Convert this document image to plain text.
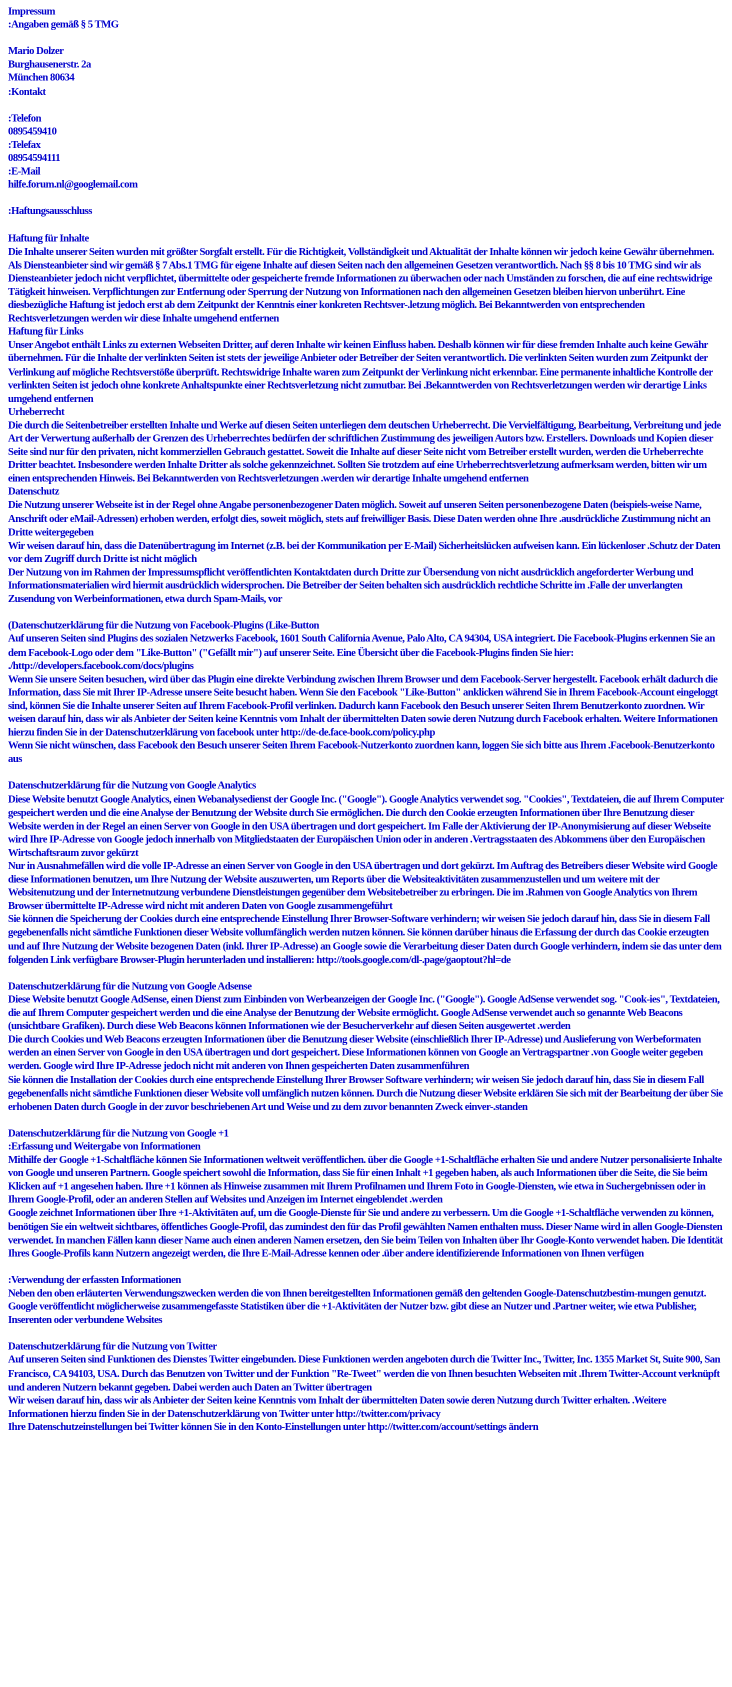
Impressum
:Angaben gemäß § 5 TMG
Mario Dolzer
Burghausenerstr. 2a
München 80634
:Kontakt
:Telefon
0895459410
:Telefax
08954594111
:E-Mail
hilfe.forum.nl@googlemail.com
:Haftungsausschluss
Haftung für Inhalte
Die Inhalte unserer Seiten wurden mit größter Sorgfalt erstellt. Für die Richtigkeit, Vollständigkeit und Aktualität der Inhalte können wir jedoch keine Gewähr übernehmen. Als Diensteanbieter sind wir gemäß § 7 Abs.1 TMG für eigene Inhalte auf diesen Seiten nach den allgemeinen Gesetzen verantwortlich. Nach §§ 8 bis 10 TMG sind wir als Diensteanbieter jedoch nicht verpflichtet, übermittelte oder gespeicherte fremde Informationen zu überwachen oder nach Umständen zu forschen, die auf eine rechtswidrige Tätigkeit hinweisen. Verpflichtungen zur Entfernung oder Sperrung der Nutzung von Informationen nach den allgemeinen Gesetzen bleiben hiervon unberührt. Eine diesbezügliche Haftung ist jedoch erst ab dem Zeitpunkt der Kenntnis einer konkreten Rechtsver-.letzung möglich. Bei Bekanntwerden von entsprechenden Rechtsverletzungen werden wir diese Inhalte umgehend entfernen
Haftung für Links
Unser Angebot enthält Links zu externen Webseiten Dritter, auf deren Inhalte wir keinen Einfluss haben. Deshalb können wir für diese fremden Inhalte auch keine Gewähr übernehmen. Für die Inhalte der verlinkten Seiten ist stets der jeweilige Anbieter oder Betreiber der Seiten verantwortlich. Die verlinkten Seiten wurden zum Zeitpunkt der Verlinkung auf mögliche Rechtsverstöße überprüft. Rechtswidrige Inhalte waren zum Zeitpunkt der Verlinkung nicht erkennbar. Eine permanente inhaltliche Kontrolle der verlinkten Seiten ist jedoch ohne konkrete Anhaltspunkte einer Rechtsverletzung nicht zumutbar. Bei .Bekanntwerden von Rechtsverletzungen werden wir derartige Links umgehend entfernen
Urheberrecht
Die durch die Seitenbetreiber erstellten Inhalte und Werke auf diesen Seiten unterliegen dem deutschen Urheberrecht. Die Vervielfältigung, Bearbeitung, Verbreitung und jede Art der Verwertung außerhalb der Grenzen des Urheberrechtes bedürfen der schriftlichen Zustimmung des jeweiligen Autors bzw. Erstellers. Downloads und Kopien dieser Seite sind nur für den privaten, nicht kommerziellen Gebrauch gestattet. Soweit die Inhalte auf dieser Seite nicht vom Betreiber erstellt wurden, werden die Urheberrechte Dritter beachtet. Insbesondere werden Inhalte Dritter als solche gekennzeichnet. Sollten Sie trotzdem auf eine Urheberrechtsverletzung aufmerksam werden, bitten wir um einen entsprechenden Hinweis. Bei Bekanntwerden von Rechtsverletzungen .werden wir derartige Inhalte umgehend entfernen
Datenschutz
Die Nutzung unserer Webseite ist in der Regel ohne Angabe personenbezogener Daten möglich. Soweit auf unseren Seiten personenbezogene Daten (beispiels-weise Name, Anschrift oder eMail-Adressen) erhoben werden, erfolgt dies, soweit möglich, stets auf freiwilliger Basis. Diese Daten werden ohne Ihre .ausdrückliche Zustimmung nicht an Dritte weitergegeben
Wir weisen darauf hin, dass die Datenübertragung im Internet (z.B. bei der Kommunikation per E-Mail) Sicherheitslücken aufweisen kann. Ein lückenloser .Schutz der Daten vor dem Zugriff durch Dritte ist nicht möglich
Der Nutzung von im Rahmen der Impressumspflicht veröffentlichten Kontaktdaten durch Dritte zur Übersendung von nicht ausdrücklich angeforderter Werbung und Informationsmaterialien wird hiermit ausdrücklich widersprochen. Die Betreiber der Seiten behalten sich ausdrücklich rechtliche Schritte im .Falle der unverlangten Zusendung von Werbeinformationen, etwa durch Spam-Mails, vor
(Datenschutzerklärung für die Nutzung von Facebook-Plugins (Like-Button
Auf unseren Seiten sind Plugins des sozialen Netzwerks Facebook, 1601 South California Avenue, Palo Alto, CA 94304, USA integriert. Die Facebook-Plugins erkennen Sie an dem Facebook-Logo oder dem "Like-Button" ("Gefällt mir") auf unserer Seite. Eine Übersicht über die Facebook-Plugins finden Sie hier: ./http://developers.facebook.com/docs/plugins
Wenn Sie unsere Seiten besuchen, wird über das Plugin eine direkte Verbindung zwischen Ihrem Browser und dem Facebook-Server hergestellt. Facebook erhält dadurch die Information, dass Sie mit Ihrer IP-Adresse unsere Seite besucht haben. Wenn Sie den Facebook "Like-Button" anklicken während Sie in Ihrem Facebook-Account eingeloggt sind, können Sie die Inhalte unserer Seiten auf Ihrem Facebook-Profil verlinken. Dadurch kann Facebook den Besuch unserer Seiten Ihrem Benutzerkonto zuordnen. Wir weisen darauf hin, dass wir als Anbieter der Seiten keine Kenntnis vom Inhalt der übermittelten Daten sowie deren Nutzung durch Facebook erhalten. Weitere Informationen hierzu finden Sie in der Datenschutzerklärung von facebook unter http://de-de.face-book.com/policy.php
Wenn Sie nicht wünschen, dass Facebook den Besuch unserer Seiten Ihrem Facebook-Nutzerkonto zuordnen kann, loggen Sie sich bitte aus Ihrem .Facebook-Benutzerkonto aus
Datenschutzerklärung für die Nutzung von Google Analytics
Diese Website benutzt Google Analytics, einen Webanalysedienst der Google Inc. ("Google"). Google Analytics verwendet sog. "Cookies", Textdateien, die auf Ihrem Computer gespeichert werden und die eine Analyse der Benutzung der Website durch Sie ermöglichen. Die durch den Cookie erzeugten Informationen über Ihre Benutzung dieser Website werden in der Regel an einen Server von Google in den USA übertragen und dort gespeichert. Im Falle der Aktivierung der IP-Anonymisierung auf dieser Webseite wird Ihre IP-Adresse von Google jedoch innerhalb von Mitgliedstaaten der Europäischen Union oder in anderen .Vertragsstaaten des Abkommens über den Europäischen Wirtschaftsraum zuvor gekürzt
Nur in Ausnahmefällen wird die volle IP-Adresse an einen Server von Google in den USA übertragen und dort gekürzt. Im Auftrag des Betreibers dieser Website wird Google diese Informationen benutzen, um Ihre Nutzung der Website auszuwerten, um Reports über die Websiteaktivitäten zusammenzustellen und um weitere mit der Websitenutzung und der Internetnutzung verbundene Dienstleistungen gegenüber dem Websitebetreiber zu erbringen. Die im .Rahmen von Google Analytics von Ihrem Browser übermittelte IP-Adresse wird nicht mit anderen Daten von Google zusammengeführt
Sie können die Speicherung der Cookies durch eine entsprechende Einstellung Ihrer Browser-Software verhindern; wir weisen Sie jedoch darauf hin, dass Sie in diesem Fall gegebenenfalls nicht sämtliche Funktionen dieser Website vollumfänglich werden nutzen können. Sie können darüber hinaus die Erfassung der durch das Cookie erzeugten und auf Ihre Nutzung der Website bezogenen Daten (inkl. Ihrer IP-Adresse) an Google sowie die Verarbeitung dieser Daten durch Google verhindern, indem sie das unter dem folgenden Link verfügbare Browser-Plugin herunterladen und installieren: http://tools.google.com/dl-.page/gaoptout?hl=de
Datenschutzerklärung für die Nutzung von Google Adsense
Diese Website benutzt Google AdSense, einen Dienst zum Einbinden von Werbeanzeigen der Google Inc. ("Google"). Google AdSense verwendet sog. "Cook-ies", Textdateien, die auf Ihrem Computer gespeichert werden und die eine Analyse der Benutzung der Website ermöglicht. Google AdSense verwendet auch so genannte Web Beacons (unsichtbare Grafiken). Durch diese Web Beacons können Informationen wie der Besucherverkehr auf diesen Seiten ausgewertet .werden
Die durch Cookies und Web Beacons erzeugten Informationen über die Benutzung dieser Website (einschließlich Ihrer IP-Adresse) und Auslieferung von Werbeformaten werden an einen Server von Google in den USA übertragen und dort gespeichert. Diese Informationen können von Google an Vertragspartner .von Google weiter gegeben werden. Google wird Ihre IP-Adresse jedoch nicht mit anderen von Ihnen gespeicherten Daten zusammenführen
Sie können die Installation der Cookies durch eine entsprechende Einstellung Ihrer Browser Software verhindern; wir weisen Sie jedoch darauf hin, dass Sie in diesem Fall gegebenenfalls nicht sämtliche Funktionen dieser Website voll umfänglich nutzen können. Durch die Nutzung dieser Website erklären Sie sich mit der Bearbeitung der über Sie erhobenen Daten durch Google in der zuvor beschriebenen Art und Weise und zu dem zuvor benannten Zweck einver-.standen
Datenschutzerklärung für die Nutzung von Google +1
:Erfassung und Weitergabe von Informationen
Mithilfe der Google +1-Schaltfläche können Sie Informationen weltweit veröffentlichen. über die Google +1-Schaltfläche erhalten Sie und andere Nutzer personalisierte Inhalte von Google und unseren Partnern. Google speichert sowohl die Information, dass Sie für einen Inhalt +1 gegeben haben, als auch Informationen über die Seite, die Sie beim Klicken auf +1 angesehen haben. Ihre +1 können als Hinweise zusammen mit Ihrem Profilnamen und Ihrem Foto in Google-Diensten, wie etwa in Suchergebnissen oder in Ihrem Google-Profil, oder an anderen Stellen auf Websites und Anzeigen im Internet eingeblendet .werden
Google zeichnet Informationen über Ihre +1-Aktivitäten auf, um die Google-Dienste für Sie und andere zu verbessern. Um die Google +1-Schaltfläche verwenden zu können, benötigen Sie ein weltweit sichtbares, öffentliches Google-Profil, das zumindest den für das Profil gewählten Namen enthalten muss. Dieser Name wird in allen Google-Diensten verwendet. In manchen Fällen kann dieser Name auch einen anderen Namen ersetzen, den Sie beim Teilen von Inhalten über Ihr Google-Konto verwendet haben. Die Identität Ihres Google-Profils kann Nutzern angezeigt werden, die Ihre E-Mail-Adresse kennen oder .über andere identifizierende Informationen von Ihnen verfügen
:Verwendung der erfassten Informationen
Neben den oben erläuterten Verwendungszwecken werden die von Ihnen bereitgestellten Informationen gemäß den geltenden Google-Datenschutzbestim-mungen genutzt. Google veröffentlicht möglicherweise zusammengefasste Statistiken über die +1-Aktivitäten der Nutzer bzw. gibt diese an Nutzer und .Partner weiter, wie etwa Publisher, Inserenten oder verbundene Websites
Datenschutzerklärung für die Nutzung von Twitter
Auf unseren Seiten sind Funktionen des Dienstes Twitter eingebunden. Diese Funktionen werden angeboten durch die Twitter Inc., Twitter, Inc. 1355 Market St, Suite 900, San Francisco, CA 94103, USA. Durch das Benutzen von Twitter und der Funktion "Re-Tweet" werden die von Ihnen besuchten Webseiten mit .Ihrem Twitter-Account verknüpft und anderen Nutzern bekannt gegeben. Dabei werden auch Daten an Twitter übertragen
Wir weisen darauf hin, dass wir als Anbieter der Seiten keine Kenntnis vom Inhalt der übermittelten Daten sowie deren Nutzung durch Twitter erhalten. .Weitere Informationen hierzu finden Sie in der Datenschutzerklärung von Twitter unter http://twitter.com/privacy
Ihre Datenschutzeinstellungen bei Twitter können Sie in den Konto-Einstellungen unter http://twitter.com/account/settings ändern
